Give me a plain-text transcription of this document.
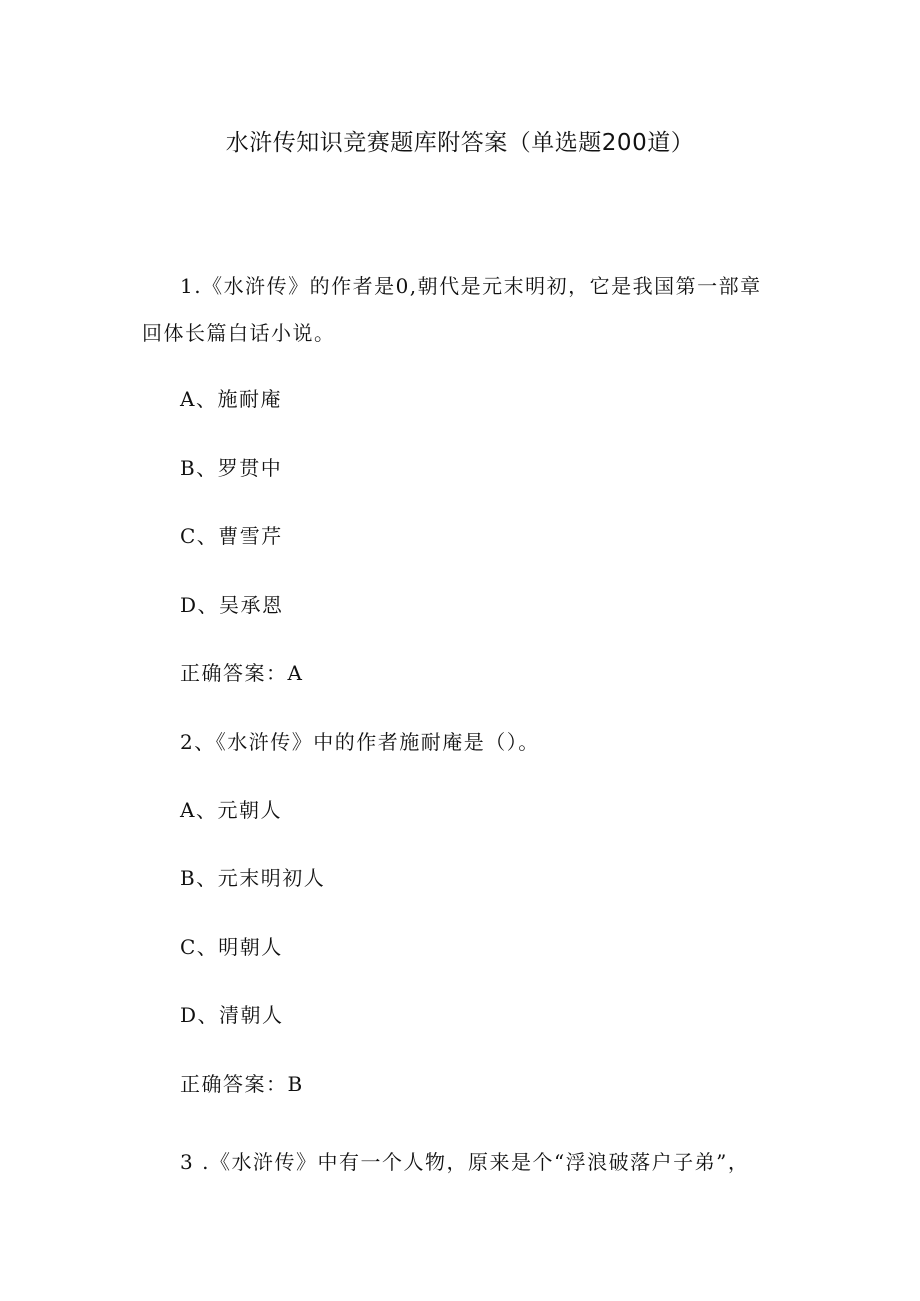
水浒传知识竞赛题库附答案（单选题200道）
1.《水浒传》的作者是0,朝代是元末明初，它是我国第一部章
回体长篇白话小说。
A、施耐庵
B、罗贯中
C、曹雪芹
D、吴承恩
正确答案：A
2、《水浒传》中的作者施耐庵是（）。
A、元朝人
B、元末明初人
C、明朝人
D、清朝人
正确答案：B
3 .《水浒传》中有一个人物，原来是个“浮浪破落户子弟”，
